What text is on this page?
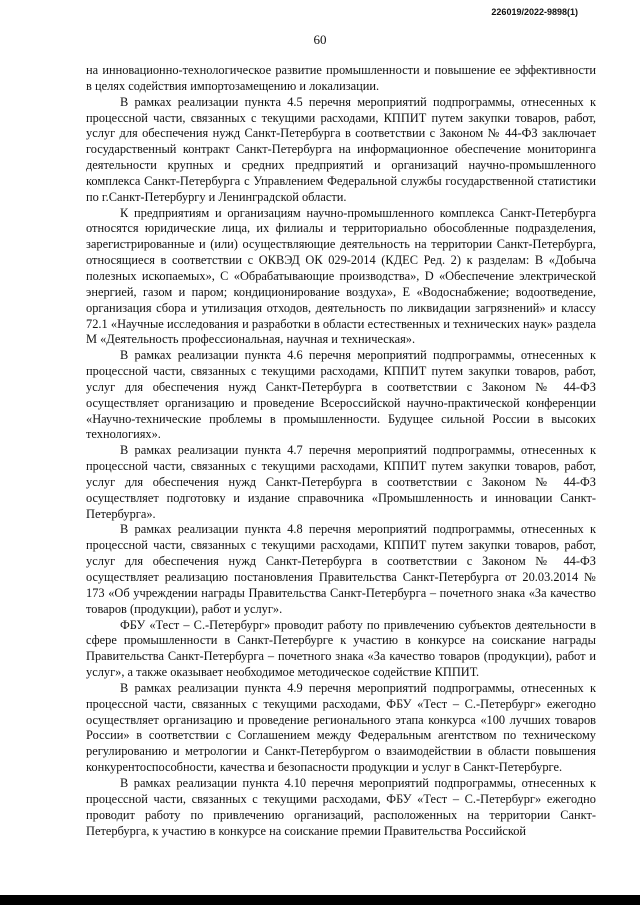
226019/2022-9898(1)
60

на инновационно-технологическое развитие промышленности и повышение ее эффективности в целях содействия импортозамещению и локализации.

В рамках реализации пункта 4.5 перечня мероприятий подпрограммы, отнесенных к процессной части, связанных с текущими расходами, КППИТ путем закупки товаров, работ, услуг для обеспечения нужд Санкт-Петербурга в соответствии с Законом № 44-ФЗ заключает государственный контракт Санкт-Петербурга на информационное обеспечение мониторинга деятельности крупных и средних предприятий и организаций научно-промышленного комплекса Санкт-Петербурга с Управлением Федеральной службы государственной статистики по г.Санкт-Петербургу и Ленинградской области.

К предприятиям и организациям научно-промышленного комплекса Санкт-Петербурга относятся юридические лица, их филиалы и территориально обособленные подразделения, зарегистрированные и (или) осуществляющие деятельность на территории Санкт-Петербурга, относящиеся в соответствии с ОКВЭД ОК 029-2014 (КДЕС Ред. 2) к разделам: В «Добыча полезных ископаемых», С «Обрабатывающие производства», D «Обеспечение электрической энергией, газом и паром; кондиционирование воздуха», Е «Водоснабжение; водоотведение, организация сбора и утилизация отходов, деятельность по ликвидации загрязнений» и классу 72.1 «Научные исследования и разработки в области естественных и технических наук» раздела М «Деятельность профессиональная, научная и техническая».

В рамках реализации пункта 4.6 перечня мероприятий подпрограммы, отнесенных к процессной части, связанных с текущими расходами, КППИТ путем закупки товаров, работ, услуг для обеспечения нужд Санкт-Петербурга в соответствии с Законом № 44-ФЗ осуществляет организацию и проведение Всероссийской научно-практической конференции «Научно-технические проблемы в промышленности. Будущее сильной России в высоких технологиях».

В рамках реализации пункта 4.7 перечня мероприятий подпрограммы, отнесенных к процессной части, связанных с текущими расходами, КППИТ путем закупки товаров, работ, услуг для обеспечения нужд Санкт-Петербурга в соответствии с Законом № 44-ФЗ осуществляет подготовку и издание справочника «Промышленность и инновации Санкт-Петербурга».

В рамках реализации пункта 4.8 перечня мероприятий подпрограммы, отнесенных к процессной части, связанных с текущими расходами, КППИТ путем закупки товаров, работ, услуг для обеспечения нужд Санкт-Петербурга в соответствии с Законом № 44-ФЗ осуществляет реализацию постановления Правительства Санкт-Петербурга от 20.03.2014 № 173 «Об учреждении награды Правительства Санкт-Петербурга – почетного знака «За качество товаров (продукции), работ и услуг».

ФБУ «Тест – С.-Петербург» проводит работу по привлечению субъектов деятельности в сфере промышленности в Санкт-Петербурге к участию в конкурсе на соискание награды Правительства Санкт-Петербурга – почетного знака «За качество товаров (продукции), работ и услуг», а также оказывает необходимое методическое содействие КППИТ.

В рамках реализации пункта 4.9 перечня мероприятий подпрограммы, отнесенных к процессной части, связанных с текущими расходами, ФБУ «Тест – С.-Петербург» ежегодно осуществляет организацию и проведение регионального этапа конкурса «100 лучших товаров России» в соответствии с Соглашением между Федеральным агентством по техническому регулированию и метрологии и Санкт-Петербургом о взаимодействии в области повышения конкурентоспособности, качества и безопасности продукции и услуг в Санкт-Петербурге.

В рамках реализации пункта 4.10 перечня мероприятий подпрограммы, отнесенных к процессной части, связанных с текущими расходами, ФБУ «Тест – С.-Петербург» ежегодно проводит работу по привлечению организаций, расположенных на территории Санкт-Петербурга, к участию в конкурсе на соискание премии Правительства Российской
